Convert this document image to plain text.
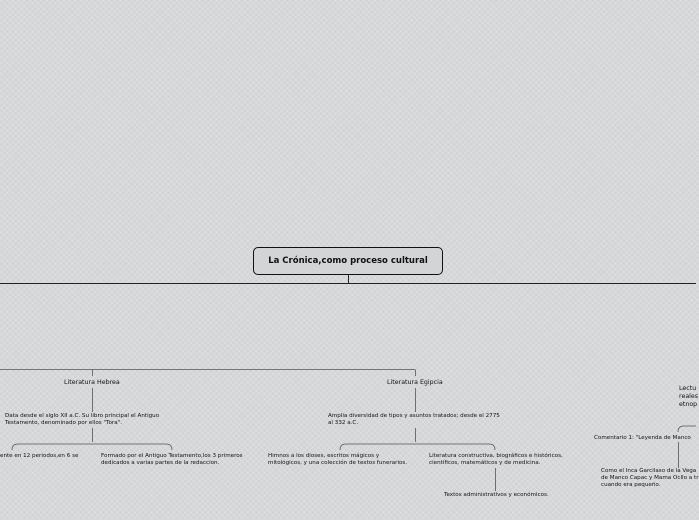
La Crónica,como proceso cultural
Literatura Hebrea
Data desde el siglo XII a.C. Su libro principal el Antiguo
Testamento, denominado por ellos "Tora".
ente en 12 periodos,en 6 se	Formado por el Antiguo Testamento,los 3 primeros
dedicados a varias partes de la redaccion.
Literatura Egipcia
Amplia diversidad de tipos y asuntos tratados; desde el 2775
al 332 a.C.
Himnos a los dioses, escritos mágicos y
mitológicos, y una colección de textos funerarios.
Literatura constructiva, biográficos e históricos,
científicos, matemáticos y de medicina.
Textos administrativos y económicos.
Lectu
reales
etnop
Comentario 1: "Leyenda de Manco
Como el Inca Garcilaso de la Vega
de Manco Capac y Mama Ocllo a tr
cuando era pequeño.
